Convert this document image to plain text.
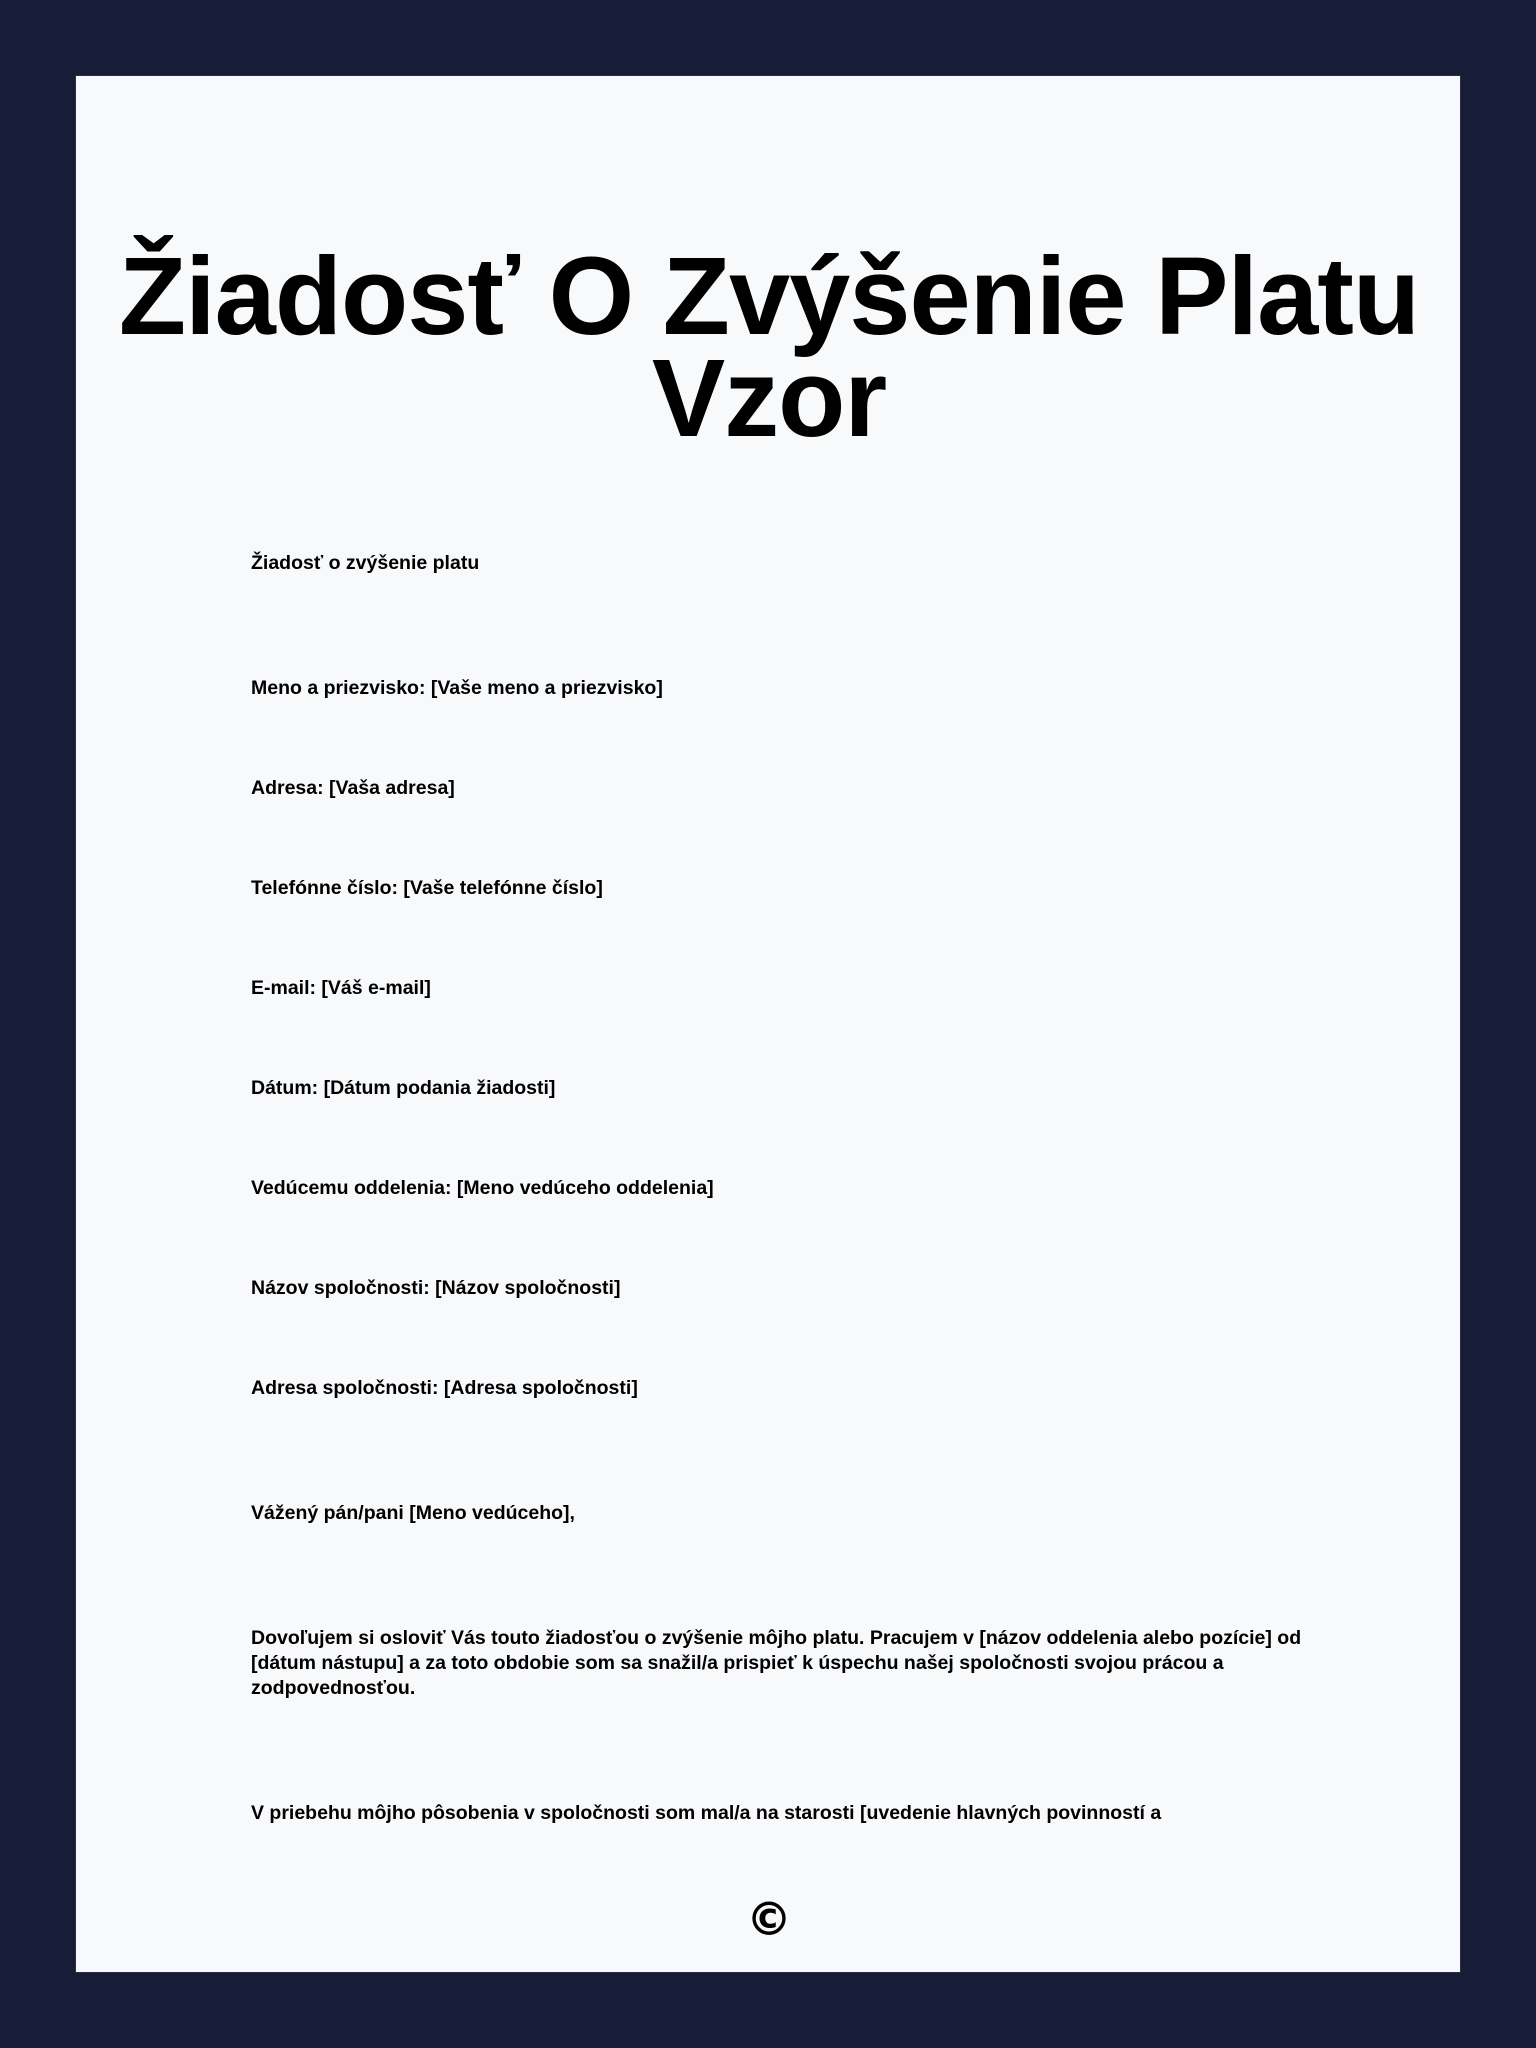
Žiadosť O Zvýšenie Platu Vzor

Žiadosť o zvýšenie platu

Meno a priezvisko: [Vaše meno a priezvisko]

Adresa: [Vaša adresa]

Telefónne číslo: [Vaše telefónne číslo]

E-mail: [Váš e-mail]

Dátum: [Dátum podania žiadosti]

Vedúcemu oddelenia: [Meno vedúceho oddelenia]

Názov spoločnosti: [Názov spoločnosti]

Adresa spoločnosti: [Adresa spoločnosti]

Vážený pán/pani [Meno vedúceho],

Dovoľujem si osloviť Vás touto žiadosťou o zvýšenie môjho platu. Pracujem v [názov oddelenia alebo pozície] od [dátum nástupu] a za toto obdobie som sa snažil/a prispieť k úspechu našej spoločnosti svojou prácou a zodpovednosťou.

V priebehu môjho pôsobenia v spoločnosti som mal/a na starosti [uvedenie hlavných povinností a

©
